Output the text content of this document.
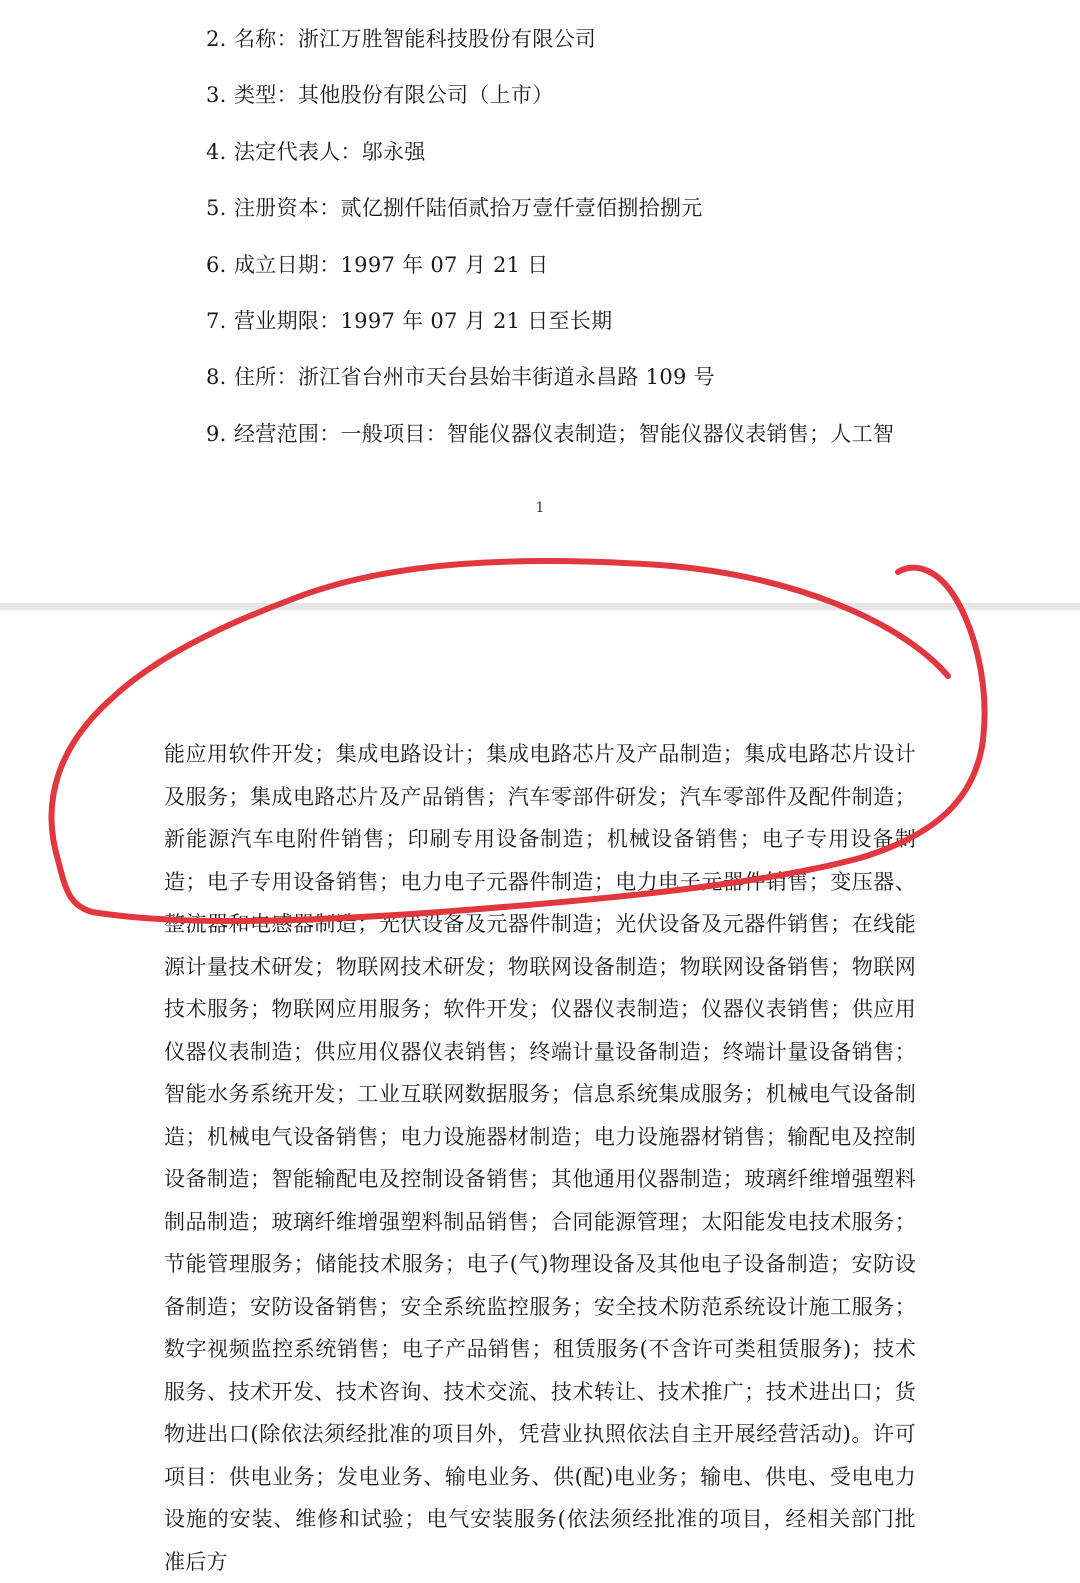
2. 名称：浙江万胜智能科技股份有限公司
3. 类型：其他股份有限公司（上市）
4. 法定代表人：邬永强
5. 注册资本：贰亿捌仟陆佰贰拾万壹仟壹佰捌拾捌元
6. 成立日期：1997 年 07 月 21 日
7. 营业期限：1997 年 07 月 21 日至长期
8. 住所：浙江省台州市天台县始丰街道永昌路 109 号
9. 经营范围：一般项目：智能仪器仪表制造；智能仪器仪表销售；人工智
1
能应用软件开发；集成电路设计；集成电路芯片及产品制造；集成电路芯片设计及服务；集成电路芯片及产品销售；汽车零部件研发；汽车零部件及配件制造；新能源汽车电附件销售；印刷专用设备制造；机械设备销售；电子专用设备制造；电子专用设备销售；电力电子元器件制造；电力电子元器件销售；变压器、整流器和电感器制造；光伏设备及元器件制造；光伏设备及元器件销售；在线能源计量技术研发；物联网技术研发；物联网设备制造；物联网设备销售；物联网技术服务；物联网应用服务；软件开发；仪器仪表制造；仪器仪表销售；供应用仪器仪表制造；供应用仪器仪表销售；终端计量设备制造；终端计量设备销售；智能水务系统开发；工业互联网数据服务；信息系统集成服务；机械电气设备制造；机械电气设备销售；电力设施器材制造；电力设施器材销售；输配电及控制设备制造；智能输配电及控制设备销售；其他通用仪器制造；玻璃纤维增强塑料制品制造；玻璃纤维增强塑料制品销售；合同能源管理；太阳能发电技术服务；节能管理服务；储能技术服务；电子(气)物理设备及其他电子设备制造；安防设备制造；安防设备销售；安全系统监控服务；安全技术防范系统设计施工服务；数字视频监控系统销售；电子产品销售；租赁服务(不含许可类租赁服务)；技术服务、技术开发、技术咨询、技术交流、技术转让、技术推广；技术进出口；货物进出口(除依法须经批准的项目外，凭营业执照依法自主开展经营活动)。许可项目：供电业务；发电业务、输电业务、供(配)电业务；输电、供电、受电电力设施的安装、维修和试验；电气安装服务(依法须经批准的项目，经相关部门批准后方
